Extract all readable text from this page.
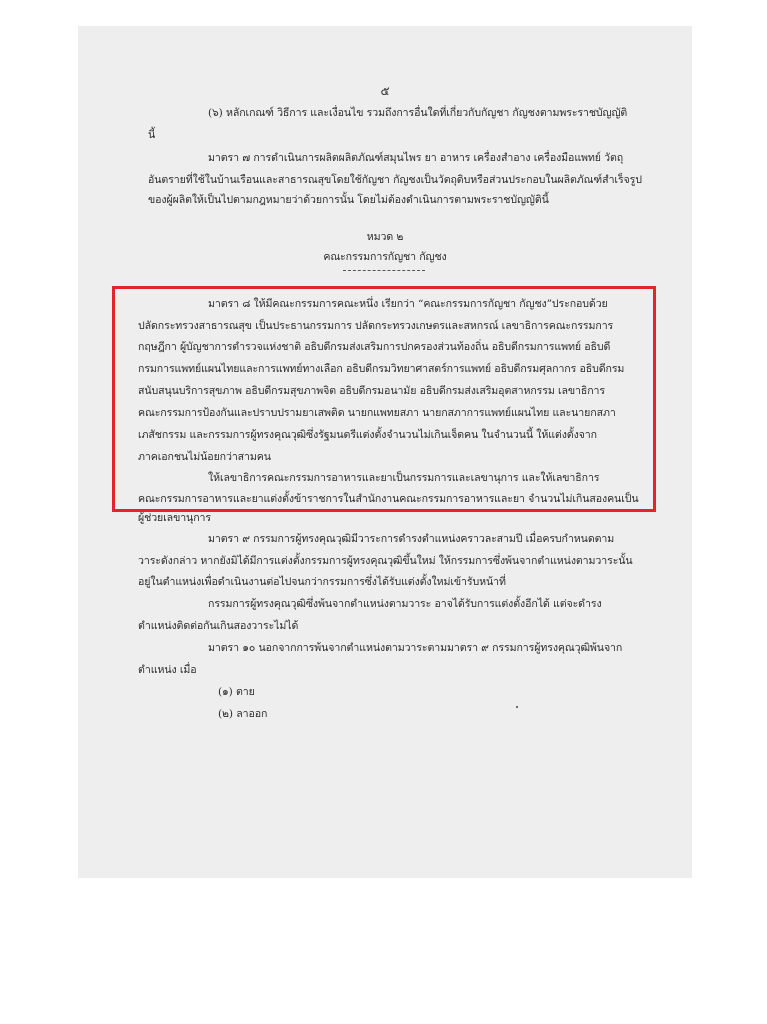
๕
(๖) หลักเกณฑ์ วิธีการ และเงื่อนไข รวมถึงการอื่นใดที่เกี่ยวกับกัญชา กัญชงตามพระราชบัญญัติ
นี้
มาตรา ๗ การดำเนินการผลิตผลิตภัณฑ์สมุนไพร ยา อาหาร เครื่องสำอาง เครื่องมือแพทย์ วัตถุ
อันตรายที่ใช้ในบ้านเรือนและสาธารณสุขโดยใช้กัญชา กัญชงเป็นวัตถุดิบหรือส่วนประกอบในผลิตภัณฑ์สำเร็จรูป
ของผู้ผลิตให้เป็นไปตามกฎหมายว่าด้วยการนั้น โดยไม่ต้องดำเนินการตามพระราชบัญญัตินี้
หมวด ๒
คณะกรรมการกัญชา กัญชง
มาตรา ๘ ให้มีคณะกรรมการคณะหนึ่ง เรียกว่า “คณะกรรมการกัญชา กัญชง”ประกอบด้วย
ปลัดกระทรวงสาธารณสุข เป็นประธานกรรมการ ปลัดกระทรวงเกษตรและสหกรณ์ เลขาธิการคณะกรรมการ
กฤษฎีกา ผู้บัญชาการตำรวจแห่งชาติ อธิบดีกรมส่งเสริมการปกครองส่วนท้องถิ่น อธิบดีกรมการแพทย์ อธิบดี
กรมการแพทย์แผนไทยและการแพทย์ทางเลือก อธิบดีกรมวิทยาศาสตร์การแพทย์ อธิบดีกรมศุลกากร อธิบดีกรม
สนับสนุนบริการสุขภาพ อธิบดีกรมสุขภาพจิต อธิบดีกรมอนามัย อธิบดีกรมส่งเสริมอุตสาหกรรม เลขาธิการ
คณะกรรมการป้องกันและปราบปรามยาเสพติด นายกแพทยสภา นายกสภาการแพทย์แผนไทย และนายกสภา
เภสัชกรรม และกรรมการผู้ทรงคุณวุฒิซึ่งรัฐมนตรีแต่งตั้งจำนวนไม่เกินเจ็ดคน ในจำนวนนี้ ให้แต่งตั้งจาก
ภาคเอกชนไม่น้อยกว่าสามคน
ให้เลขาธิการคณะกรรมการอาหารและยาเป็นกรรมการและเลขานุการ และให้เลขาธิการ
คณะกรรมการอาหารและยาแต่งตั้งข้าราชการในสำนักงานคณะกรรมการอาหารและยา จำนวนไม่เกินสองคนเป็น
ผู้ช่วยเลขานุการ
มาตรา ๙ กรรมการผู้ทรงคุณวุฒิมีวาระการดำรงตำแหน่งคราวละสามปี เมื่อครบกำหนดตาม
วาระดังกล่าว หากยังมิได้มีการแต่งตั้งกรรมการผู้ทรงคุณวุฒิขึ้นใหม่ ให้กรรมการซึ่งพ้นจากตำแหน่งตามวาระนั้น
อยู่ในตำแหน่งเพื่อดำเนินงานต่อไปจนกว่ากรรมการซึ่งได้รับแต่งตั้งใหม่เข้ารับหน้าที่
กรรมการผู้ทรงคุณวุฒิซึ่งพ้นจากตำแหน่งตามวาระ อาจได้รับการแต่งตั้งอีกได้ แต่จะดำรง
ตำแหน่งติดต่อกันเกินสองวาระไม่ได้
มาตรา ๑๐ นอกจากการพ้นจากตำแหน่งตามวาระตามมาตรา ๙ กรรมการผู้ทรงคุณวุฒิพ้นจาก
ตำแหน่ง เมื่อ
(๑) ตาย
(๒) ลาออก
